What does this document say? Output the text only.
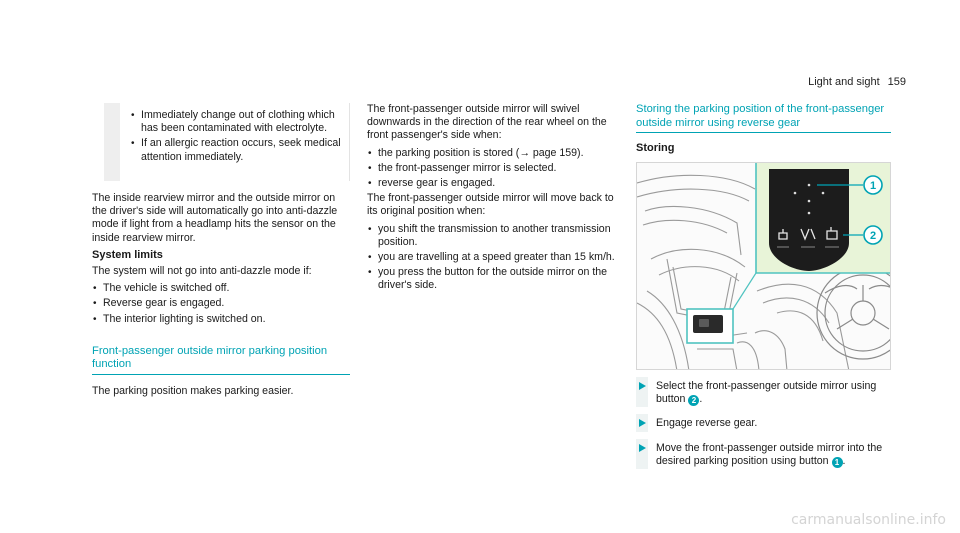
Light and sight 159
• Immediately change out of clothing which has been contaminated with electrolyte.
• If an allergic reaction occurs, seek medical attention immediately.

The inside rearview mirror and the outside mirror on the driver's side will automatically go into anti-dazzle mode if light from a headlamp hits the sensor on the inside rearview mirror.

System limits

The system will not go into anti-dazzle mode if:

• The vehicle is switched off.
• Reverse gear is engaged.
• The interior lighting is switched on.
Front-passenger outside mirror parking position function

The parking position makes parking easier.

The front-passenger outside mirror will swivel downwards in the direction of the rear wheel on the front passenger's side when:

• the parking position is stored (→ page 159).
• the front-passenger mirror is selected.
• reverse gear is engaged.

The front-passenger outside mirror will move back to its original position when:

• you shift the transmission to another transmission position.
• you are travelling at a speed greater than 15 km/h.
• you press the button for the outside mirror on the driver's side.
Storing the parking position of the front-passenger outside mirror using reverse gear
Storing
1
2
Select the front-passenger outside mirror using button 2 .
Engage reverse gear.
Move the front-passenger outside mirror into the desired parking position using button 1 .
carmanualsonline.info
